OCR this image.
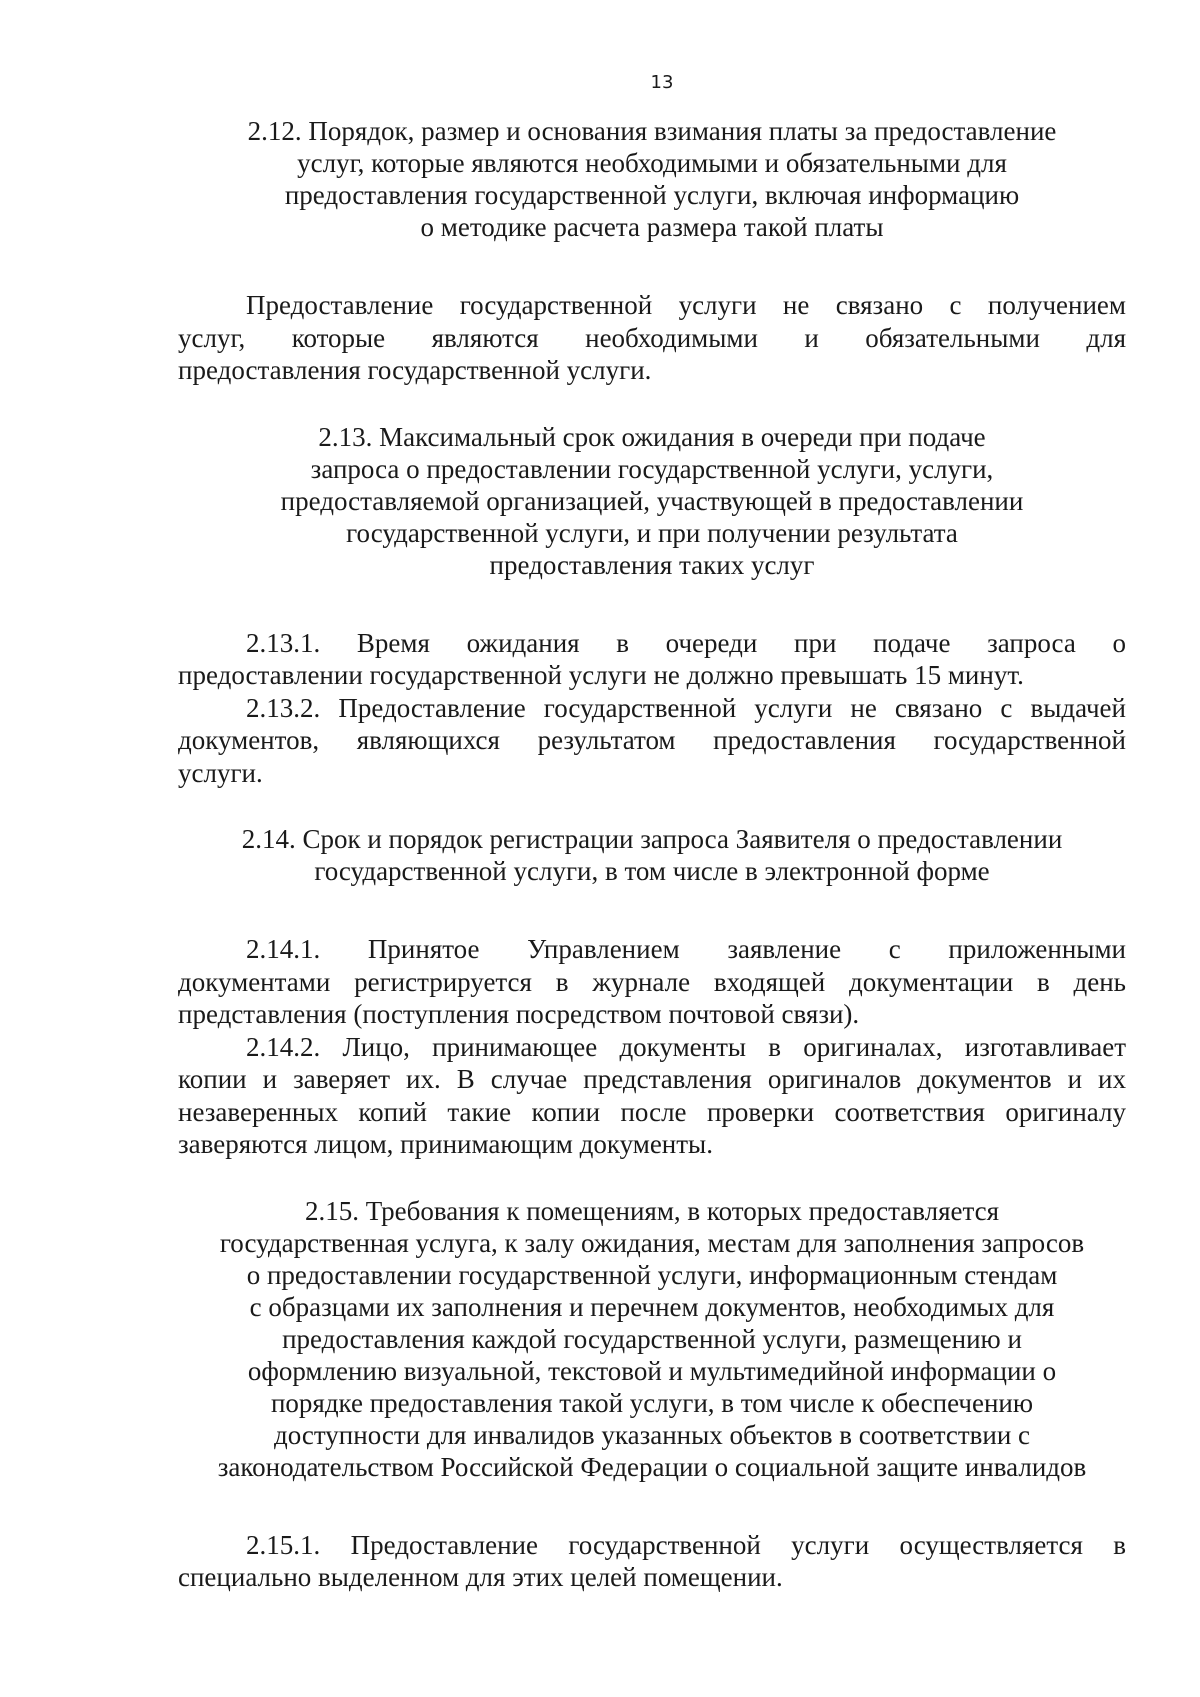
13
2.12. Порядок, размер и основания взимания платы за предоставление
услуг, которые являются необходимыми и обязательными для
предоставления государственной услуги, включая информацию
о методике расчета размера такой платы
Предоставление государственной услуги не связано с получением
услуг, которые являются необходимыми и обязательными для
предоставления государственной услуги.
2.13. Максимальный срок ожидания в очереди при подаче
запроса о предоставлении государственной услуги, услуги,
предоставляемой организацией, участвующей в предоставлении
государственной услуги, и при получении результата
предоставления таких услуг
2.13.1. Время ожидания в очереди при подаче запроса о
предоставлении государственной услуги не должно превышать 15 минут.
2.13.2. Предоставление государственной услуги не связано с выдачей
документов, являющихся результатом предоставления государственной
услуги.
2.14. Срок и порядок регистрации запроса Заявителя о предоставлении
государственной услуги, в том числе в электронной форме
2.14.1. Принятое Управлением заявление с приложенными
документами регистрируется в журнале входящей документации в день
представления (поступления посредством почтовой связи).
2.14.2. Лицо, принимающее документы в оригиналах, изготавливает
копии и заверяет их. В случае представления оригиналов документов и их
незаверенных копий такие копии после проверки соответствия оригиналу
заверяются лицом, принимающим документы.
2.15. Требования к помещениям, в которых предоставляется
государственная услуга, к залу ожидания, местам для заполнения запросов
о предоставлении государственной услуги, информационным стендам
с образцами их заполнения и перечнем документов, необходимых для
предоставления каждой государственной услуги, размещению и
оформлению визуальной, текстовой и мультимедийной информации о
порядке предоставления такой услуги, в том числе к обеспечению
доступности для инвалидов указанных объектов в соответствии с
законодательством Российской Федерации о социальной защите инвалидов
2.15.1. Предоставление государственной услуги осуществляется в
специально выделенном для этих целей помещении.
